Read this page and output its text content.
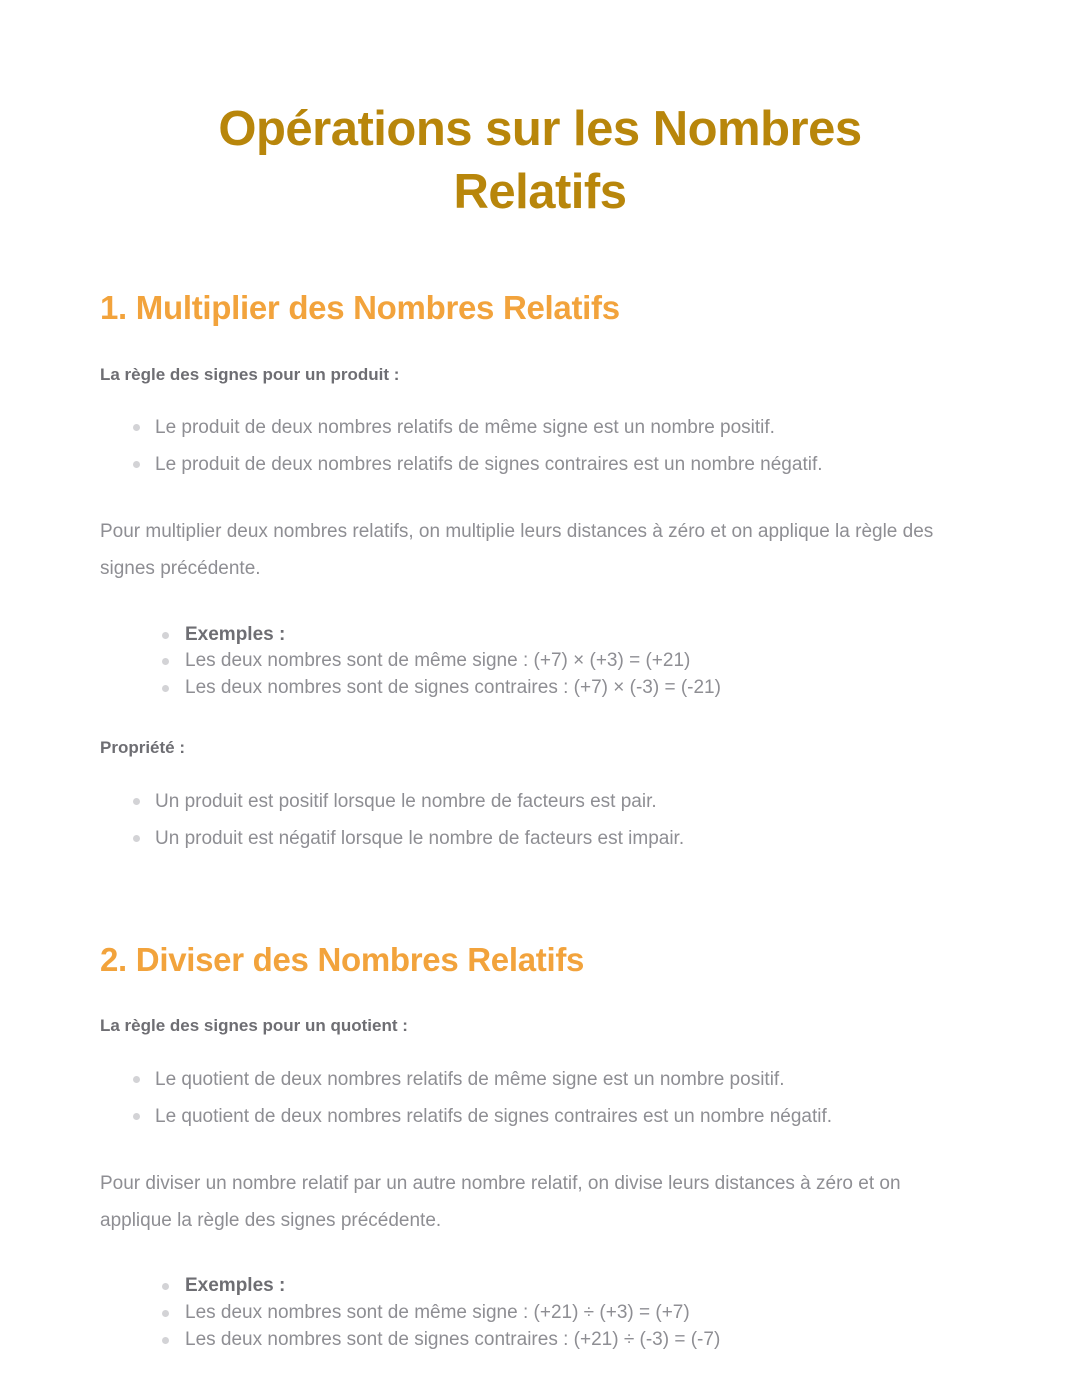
Opérations sur les Nombres Relatifs
1. Multiplier des Nombres Relatifs

La règle des signes pour un produit :

Le produit de deux nombres relatifs de même signe est un nombre positif.
Le produit de deux nombres relatifs de signes contraires est un nombre négatif.

Pour multiplier deux nombres relatifs, on multiplie leurs distances à zéro et on applique la règle des signes précédente.

Exemples :
Les deux nombres sont de même signe : (+7) × (+3) = (+21)
Les deux nombres sont de signes contraires : (+7) × (-3) = (-21)

Propriété :

Un produit est positif lorsque le nombre de facteurs est pair.
Un produit est négatif lorsque le nombre de facteurs est impair.
2. Diviser des Nombres Relatifs

La règle des signes pour un quotient :

Le quotient de deux nombres relatifs de même signe est un nombre positif.
Le quotient de deux nombres relatifs de signes contraires est un nombre négatif.

Pour diviser un nombre relatif par un autre nombre relatif, on divise leurs distances à zéro et on applique la règle des signes précédente.

Exemples :
Les deux nombres sont de même signe : (+21) ÷ (+3) = (+7)
Les deux nombres sont de signes contraires : (+21) ÷ (-3) = (-7)
